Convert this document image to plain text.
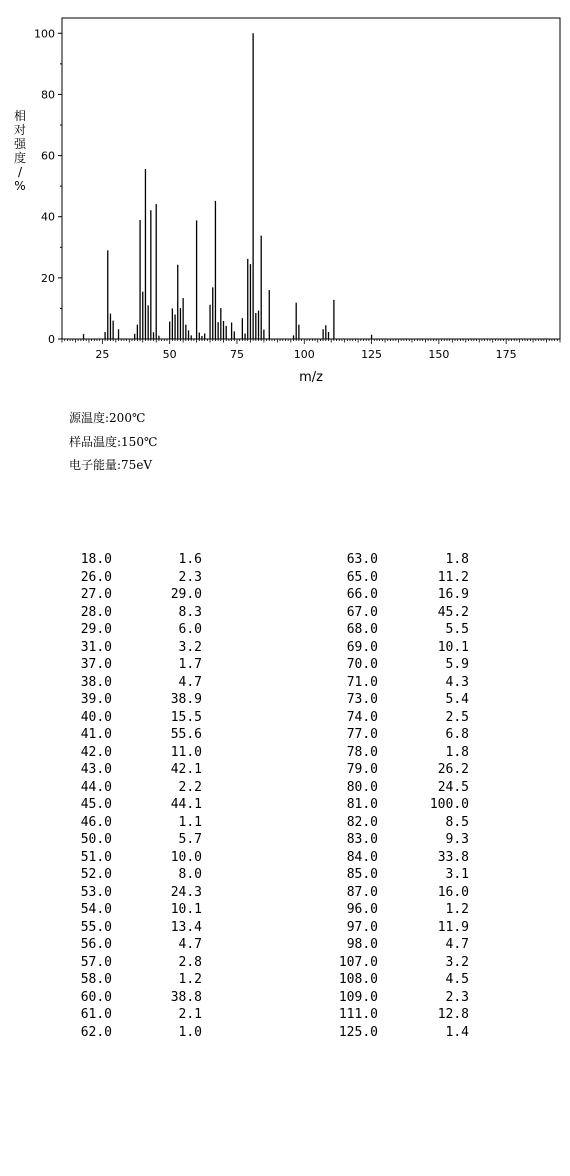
0
20
40
60
80
100
25	50	75	100	125	150	175
m/z
相对强度/ %
源温度:200℃
样品温度:150℃
电子能量:75eV
18.0	1.6
26.0	2.3
27.0	29.0
28.0	8.3
29.0	6.0
31.0	3.2
37.0	1.7
38.0	4.7
39.0	38.9
40.0	15.5
41.0	55.6
42.0	11.0
43.0	42.1
44.0	2.2
45.0	44.1
46.0	1.1
50.0	5.7
51.0	10.0
52.0	8.0
53.0	24.3
54.0	10.1
55.0	13.4
56.0	4.7
57.0	2.8
58.0	1.2
60.0	38.8
61.0	2.1
62.0	1.0
63.0	1.8
65.0	11.2
66.0	16.9
67.0	45.2
68.0	5.5
69.0	10.1
70.0	5.9
71.0	4.3
73.0	5.4
74.0	2.5
77.0	6.8
78.0	1.8
79.0	26.2
80.0	24.5
81.0	100.0
82.0	8.5
83.0	9.3
84.0	33.8
85.0	3.1
87.0	16.0
96.0	1.2
97.0	11.9
98.0	4.7
107.0	3.2
108.0	4.5
109.0	2.3
111.0	12.8
125.0	1.4
